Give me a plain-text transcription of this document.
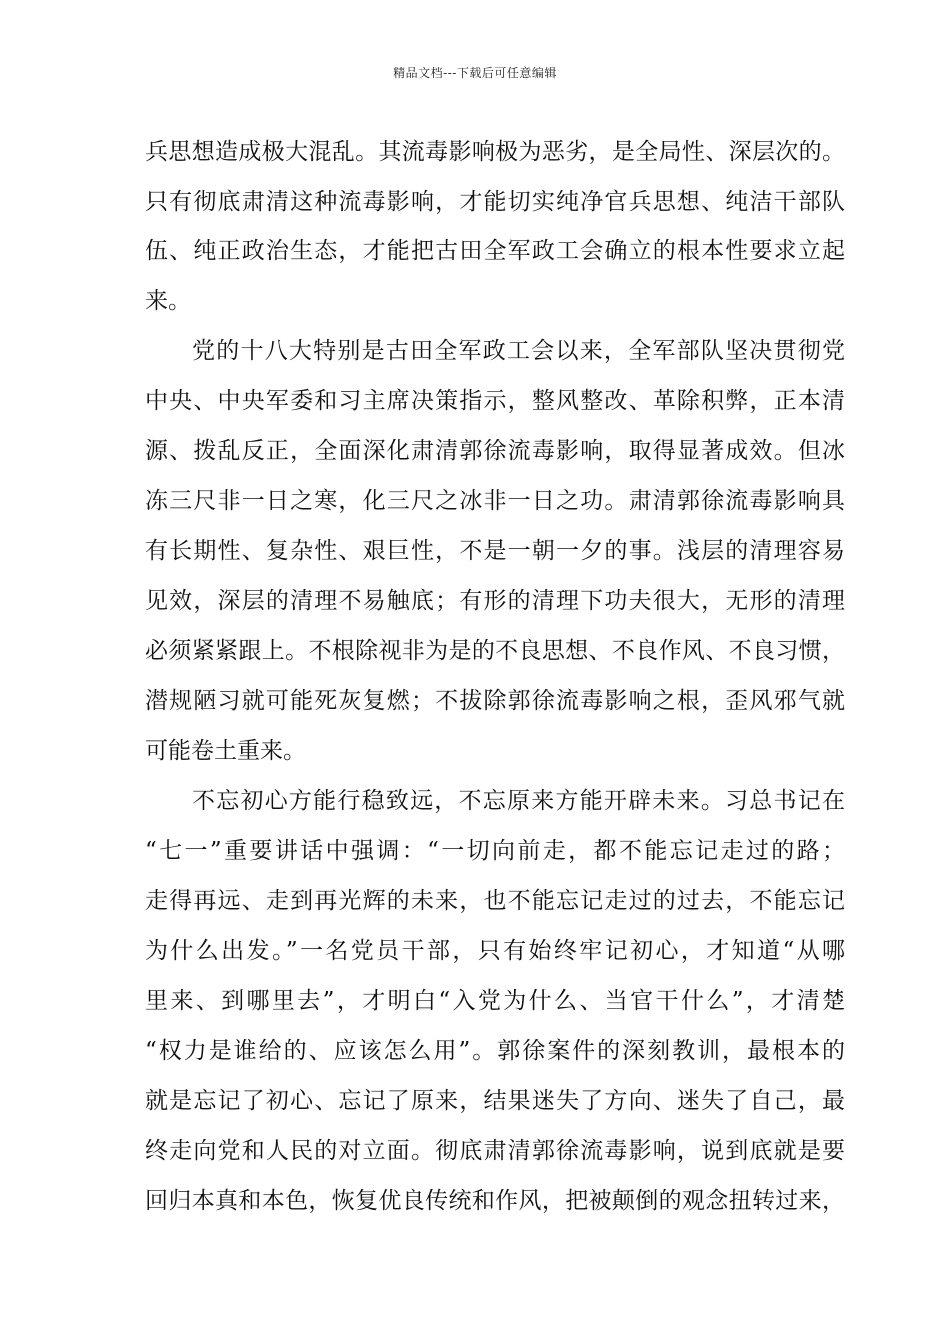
精品文档---下载后可任意编辑
兵思想造成极大混乱。其流毒影响极为恶劣，是全局性、深层次的。
只有彻底肃清这种流毒影响，才能切实纯净官兵思想、纯洁干部队
伍、纯正政治生态，才能把古田全军政工会确立的根本性要求立起
来。
党的十八大特别是古田全军政工会以来，全军部队坚决贯彻党
中央、中央军委和习主席决策指示，整风整改、革除积弊，正本清
源、拨乱反正，全面深化肃清郭徐流毒影响，取得显著成效。但冰
冻三尺非一日之寒，化三尺之冰非一日之功。肃清郭徐流毒影响具
有长期性、复杂性、艰巨性，不是一朝一夕的事。浅层的清理容易
见效，深层的清理不易触底；有形的清理下功夫很大，无形的清理
必须紧紧跟上。不根除视非为是的不良思想、不良作风、不良习惯，
潜规陋习就可能死灰复燃；不拔除郭徐流毒影响之根，歪风邪气就
可能卷土重来。
不忘初心方能行稳致远，不忘原来方能开辟未来。习总书记在
“七一”重要讲话中强调：“一切向前走，都不能忘记走过的路；
走得再远、走到再光辉的未来，也不能忘记走过的过去，不能忘记
为什么出发。”一名党员干部，只有始终牢记初心，才知道“从哪
里来、到哪里去”，才明白“入党为什么、当官干什么”，才清楚
“权力是谁给的、应该怎么用”。郭徐案件的深刻教训，最根本的
就是忘记了初心、忘记了原来，结果迷失了方向、迷失了自己，最
终走向党和人民的对立面。彻底肃清郭徐流毒影响，说到底就是要
回归本真和本色，恢复优良传统和作风，把被颠倒的观念扭转过来，
